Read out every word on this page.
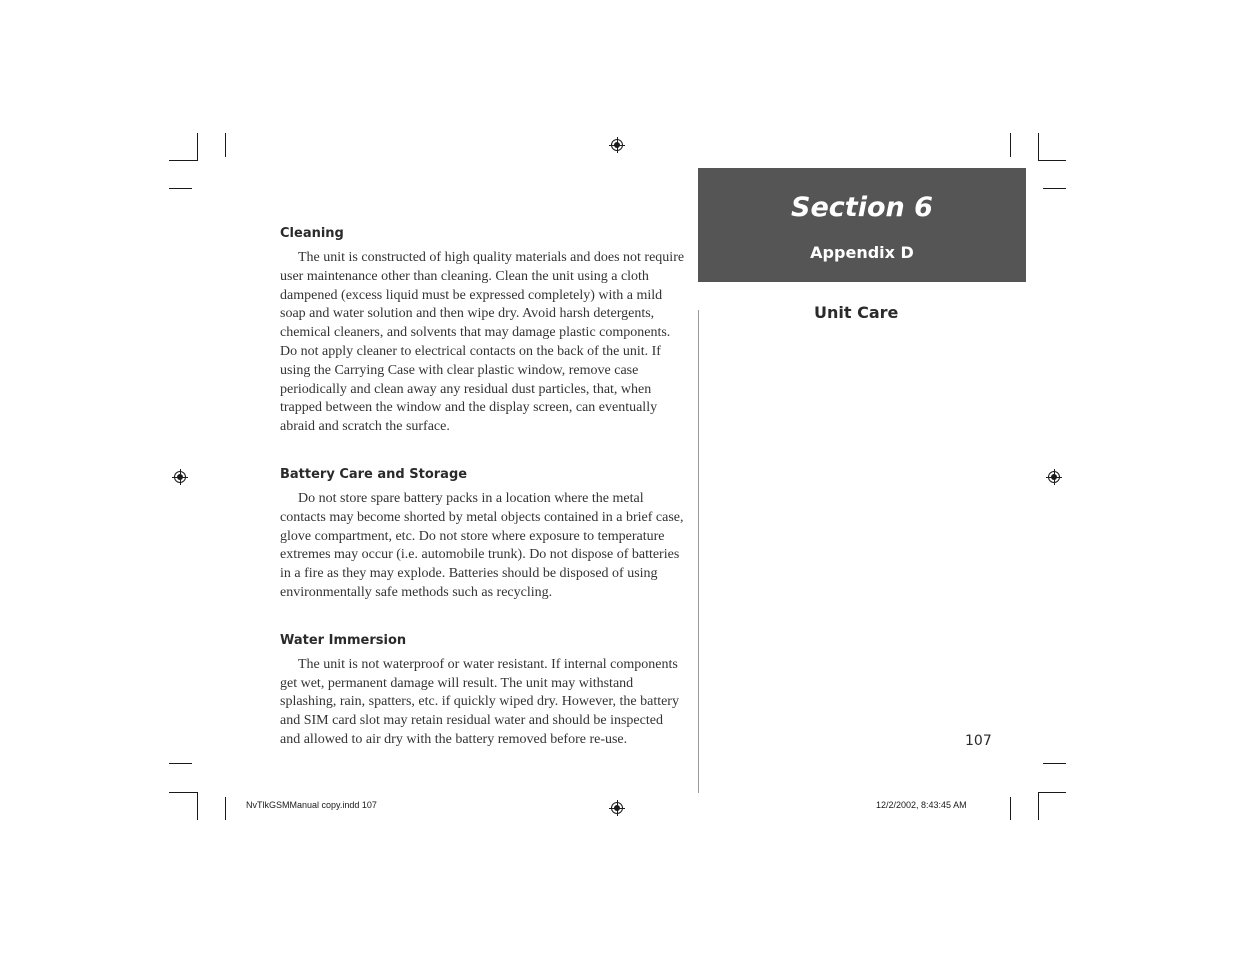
Cleaning

The unit is constructed of high quality materials and does not require user maintenance other than cleaning. Clean the unit using a cloth dampened (excess liquid must be expressed completely) with a mild soap and water solution and then wipe dry. Avoid harsh detergents, chemical cleaners, and solvents that may damage plastic components. Do not apply cleaner to electrical contacts on the back of the unit. If using the Carrying Case with clear plastic window, remove case periodically and clean away any residual dust particles, that, when trapped between the window and the display screen, can eventually abraid and scratch the surface.

Battery Care and Storage

Do not store spare battery packs in a location where the metal contacts may become shorted by metal objects contained in a brief case, glove compartment, etc. Do not store where exposure to temperature extremes may occur (i.e. automobile trunk). Do not dispose of batteries in a fire as they may explode. Batteries should be disposed of using environmentally safe methods such as recycling.

Water Immersion

The unit is not waterproof or water resistant. If internal components get wet, permanent damage will result. The unit may withstand splashing, rain, spatters, etc. if quickly wiped dry. However, the battery and SIM card slot may retain residual water and should be inspected and allowed to air dry with the battery removed before re-use.

Section 6
Appendix D
Unit Care
107
NvTlkGSMManual copy.indd 107	12/2/2002, 8:43:45 AM
